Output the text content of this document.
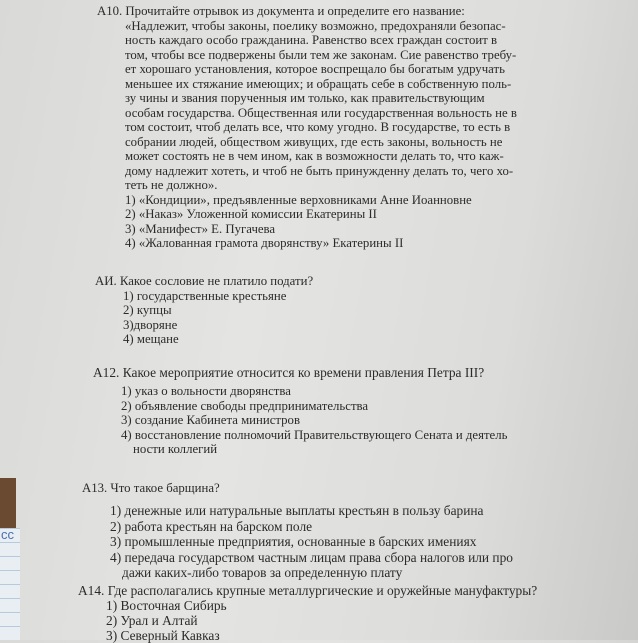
cc
А10. Прочитайте отрывок из документа и определите его название:
«Надлежит, чтобы законы, поелику возможно, предохраняли безопас-
ность каждаго особо гражданина. Равенство всех граждан состоит в
том, чтобы все подвержены были тем же законам. Сие равенство требу-
ет хорошаго установления, которое воспрещало бы богатым удручать
меньшее их стяжание имеющих; и обращать себе в собственную поль-
зу чины и звания порученныя им только, как правительствующим
особам государства. Общественная или государственная вольность не в
том состоит, чтоб делать все, что кому угодно. В государстве, то есть в
собрании людей, обществом живущих, где есть законы, вольность не
может состоять не в чем ином, как в возможности делать то, что каж-
дому надлежит хотеть, и чтоб не быть принужденну делать то, чего хо-
теть не должно».
1) «Кондиции», предъявленные верховниками Анне Иоанновне
2) «Наказ» Уложенной комиссии Екатерины II
3) «Манифест» Е. Пугачева
4) «Жалованная грамота дворянству» Екатерины II
АИ. Какое сословие не платило подати?
1) государственные крестьяне
2) купцы
3)дворяне
4) мещане
А12. Какое мероприятие относится ко времени правления Петра III?
1) указ о вольности дворянства
2) объявление свободы предпринимательства
3) создание Кабинета министров
4) восстановление полномочий Правительствующего Сената и деятель
ности коллегий
А13. Что такое барщина?
1) денежные или натуральные выплаты крестьян в пользу барина
2) работа крестьян на барском поле
3) промышленные предприятия, основанные в барских имениях
4) передача государством частным лицам права сбора налогов или про
дажи каких-либо товаров за определенную плату
А14. Где располагались крупные металлургические и оружейные мануфактуры?
1) Восточная Сибирь
2) Урал и Алтай
3) Северный Кавказ
